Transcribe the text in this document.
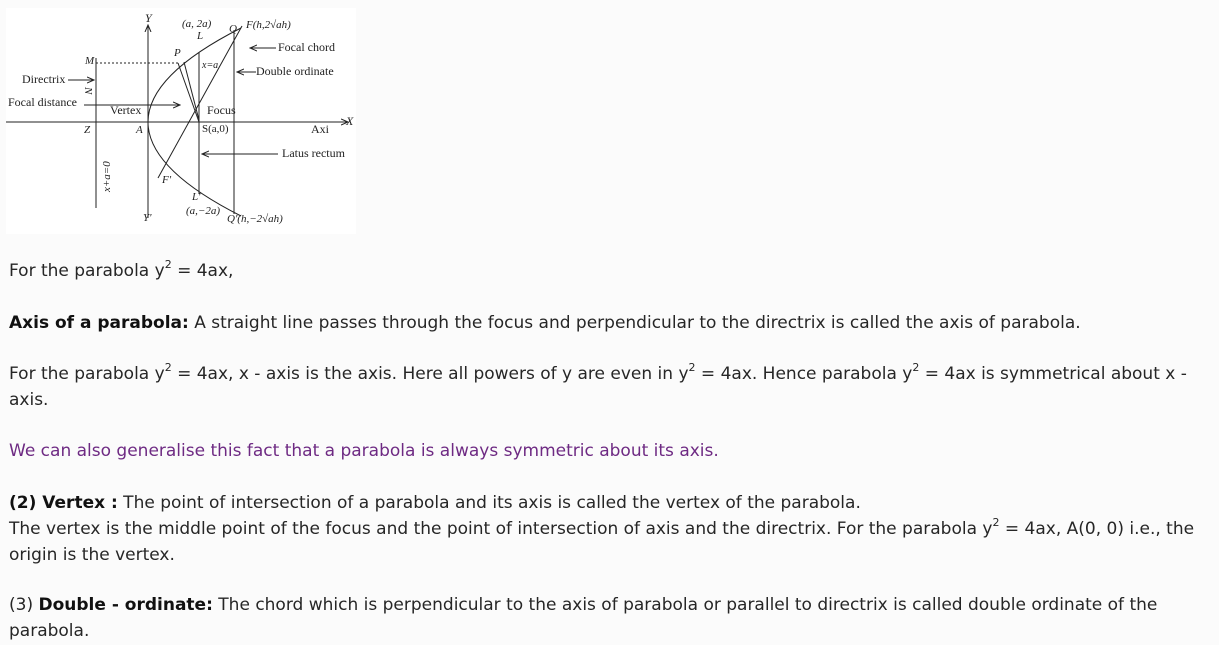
Y
Y'
X
Axi
(a, 2a)
L
Q F(h,2√ah)
P
M	x=a
Focal chord
Double ordinate
Directrix
Focal distance
Vertex
A
Focus
S(a,0)
Z
N
Latus rectum
x+a=0	F'
L'
(a,−2a)
Q'(h,−2√ah)

For the parabola $y^2 = 4ax$,

Axis of a parabola: A straight line passes through the focus and perpendicular to the directrix is called the axis of parabola.

For the parabola $y^2 = 4ax$, x - axis is the axis. Here all powers of y are even in $y^2 = 4ax$. Hence parabola $y^2 = 4ax$ is symmetrical about x - axis.

We can also generalise this fact that a parabola is always symmetric about its axis.

(2) Vertex : The point of intersection of a parabola and its axis is called the vertex of the parabola.
The vertex is the middle point of the focus and the point of intersection of axis and the directrix. For the parabola $y^2 = 4ax$, A(0, 0) i.e., the origin is the vertex.

(3) Double - ordinate: The chord which is perpendicular to the axis of parabola or parallel to directrix is called double ordinate of the parabola.
